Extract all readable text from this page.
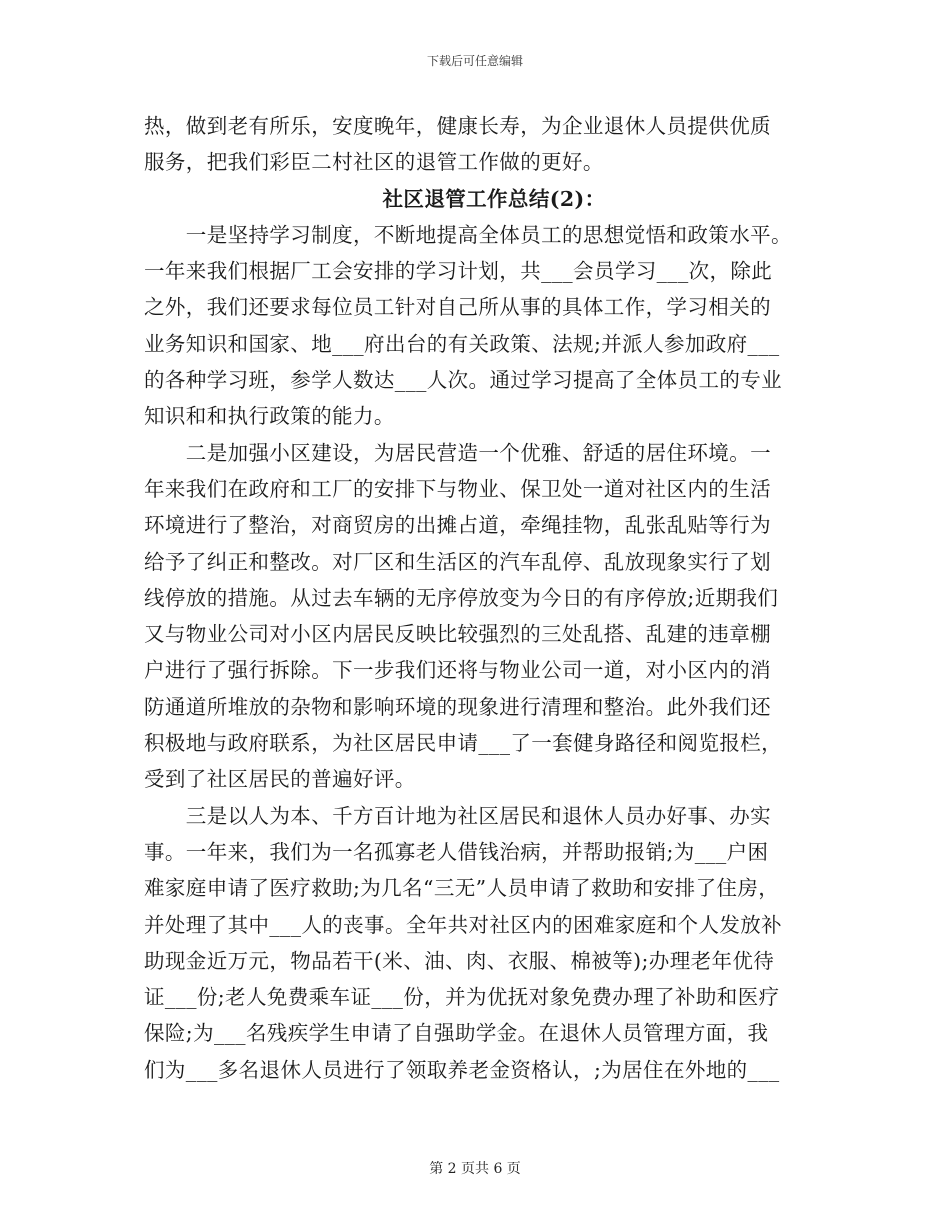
下载后可任意编辑
热，做到老有所乐，安度晚年，健康长寿，为企业退休人员提供优质
服务，把我们彩臣二村社区的退管工作做的更好。
社区退管工作总结(2)：
　　一是坚持学习制度，不断地提高全体员工的思想觉悟和政策水平。
一年来我们根据厂工会安排的学习计划，共___会员学习___次，除此
之外，我们还要求每位员工针对自己所从事的具体工作，学习相关的
业务知识和国家、地___府出台的有关政策、法规;并派人参加政府___
的各种学习班，参学人数达___人次。通过学习提高了全体员工的专业
知识和和执行政策的能力。
　　二是加强小区建设，为居民营造一个优雅、舒适的居住环境。一
年来我们在政府和工厂的安排下与物业、保卫处一道对社区内的生活
环境进行了整治，对商贸房的出摊占道，牵绳挂物，乱张乱贴等行为
给予了纠正和整改。对厂区和生活区的汽车乱停、乱放现象实行了划
线停放的措施。从过去车辆的无序停放变为今日的有序停放;近期我们
又与物业公司对小区内居民反映比较强烈的三处乱搭、乱建的违章棚
户进行了强行拆除。下一步我们还将与物业公司一道，对小区内的消
防通道所堆放的杂物和影响环境的现象进行清理和整治。此外我们还
积极地与政府联系，为社区居民申请___了一套健身路径和阅览报栏，
受到了社区居民的普遍好评。
　　三是以人为本、千方百计地为社区居民和退休人员办好事、办实
事。一年来，我们为一名孤寡老人借钱治病，并帮助报销;为___户困
难家庭申请了医疗救助;为几名“三无”人员申请了救助和安排了住房，
并处理了其中___人的丧事。全年共对社区内的困难家庭和个人发放补
助现金近万元，物品若干(米、油、肉、衣服、棉被等);办理老年优待
证___份;老人免费乘车证___份，并为优抚对象免费办理了补助和医疗
保险;为___名残疾学生申请了自强助学金。在退休人员管理方面，我
们为___多名退休人员进行了领取养老金资格认，;为居住在外地的___
第 2 页共 6 页
